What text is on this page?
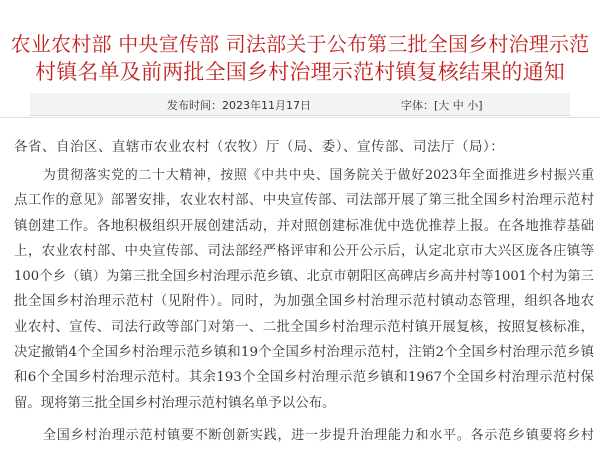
农业农村部 中央宣传部 司法部关于公布第三批全国乡村治理示范
村镇名单及前两批全国乡村治理示范村镇复核结果的通知
发布时间：2023年11月17日	字体：[大 中 小]
各省、自治区、直辖市农业农村（农牧）厅（局、委）、宣传部、司法厅（局）：
为贯彻落实党的二十大精神，按照《中共中央、国务院关于做好2023年全面推进乡村振兴重
点工作的意见》部署安排，农业农村部、中央宣传部、司法部开展了第三批全国乡村治理示范村
镇创建工作。各地积极组织开展创建活动，并对照创建标准优中选优推荐上报。在各地推荐基础
上，农业农村部、中央宣传部、司法部经严格评审和公开公示后，认定北京市大兴区庞各庄镇等
100个乡（镇）为第三批全国乡村治理示范乡镇、北京市朝阳区高碑店乡高井村等1001个村为第三
批全国乡村治理示范村（见附件）。同时，为加强全国乡村治理示范村镇动态管理，组织各地农
业农村、宣传、司法行政等部门对第一、二批全国乡村治理示范村镇开展复核，按照复核标准，
决定撤销4个全国乡村治理示范乡镇和19个全国乡村治理示范村，注销2个全国乡村治理示范乡镇
和6个全国乡村治理示范村。其余193个全国乡村治理示范乡镇和1967个全国乡村治理示范村保
留。现将第三批全国乡村治理示范村镇名单予以公布。
全国乡村治理示范村镇要不断创新实践，进一步提升治理能力和水平。各示范乡镇要将乡村
